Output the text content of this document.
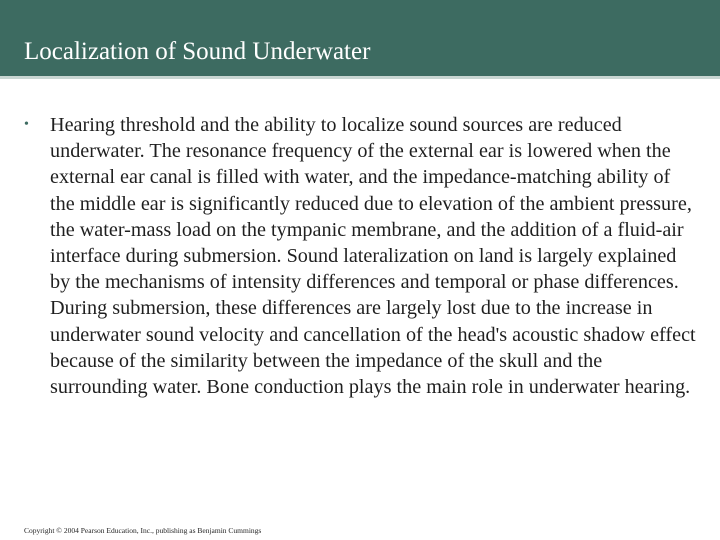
Localization of Sound Underwater
• Hearing threshold and the ability to localize sound sources are reduced underwater. The resonance frequency of the external ear is lowered when the external ear canal is filled with water, and the impedance-matching ability of the middle ear is significantly reduced due to elevation of the ambient pressure, the water-mass load on the tympanic membrane, and the addition of a fluid-air interface during submersion. Sound lateralization on land is largely explained by the mechanisms of intensity differences and temporal or phase differences. During submersion, these differences are largely lost due to the increase in underwater sound velocity and cancellation of the head's acoustic shadow effect because of the similarity between the impedance of the skull and the surrounding water. Bone conduction plays the main role in underwater hearing.
Copyright © 2004 Pearson Education, Inc., publishing as Benjamin Cummings
